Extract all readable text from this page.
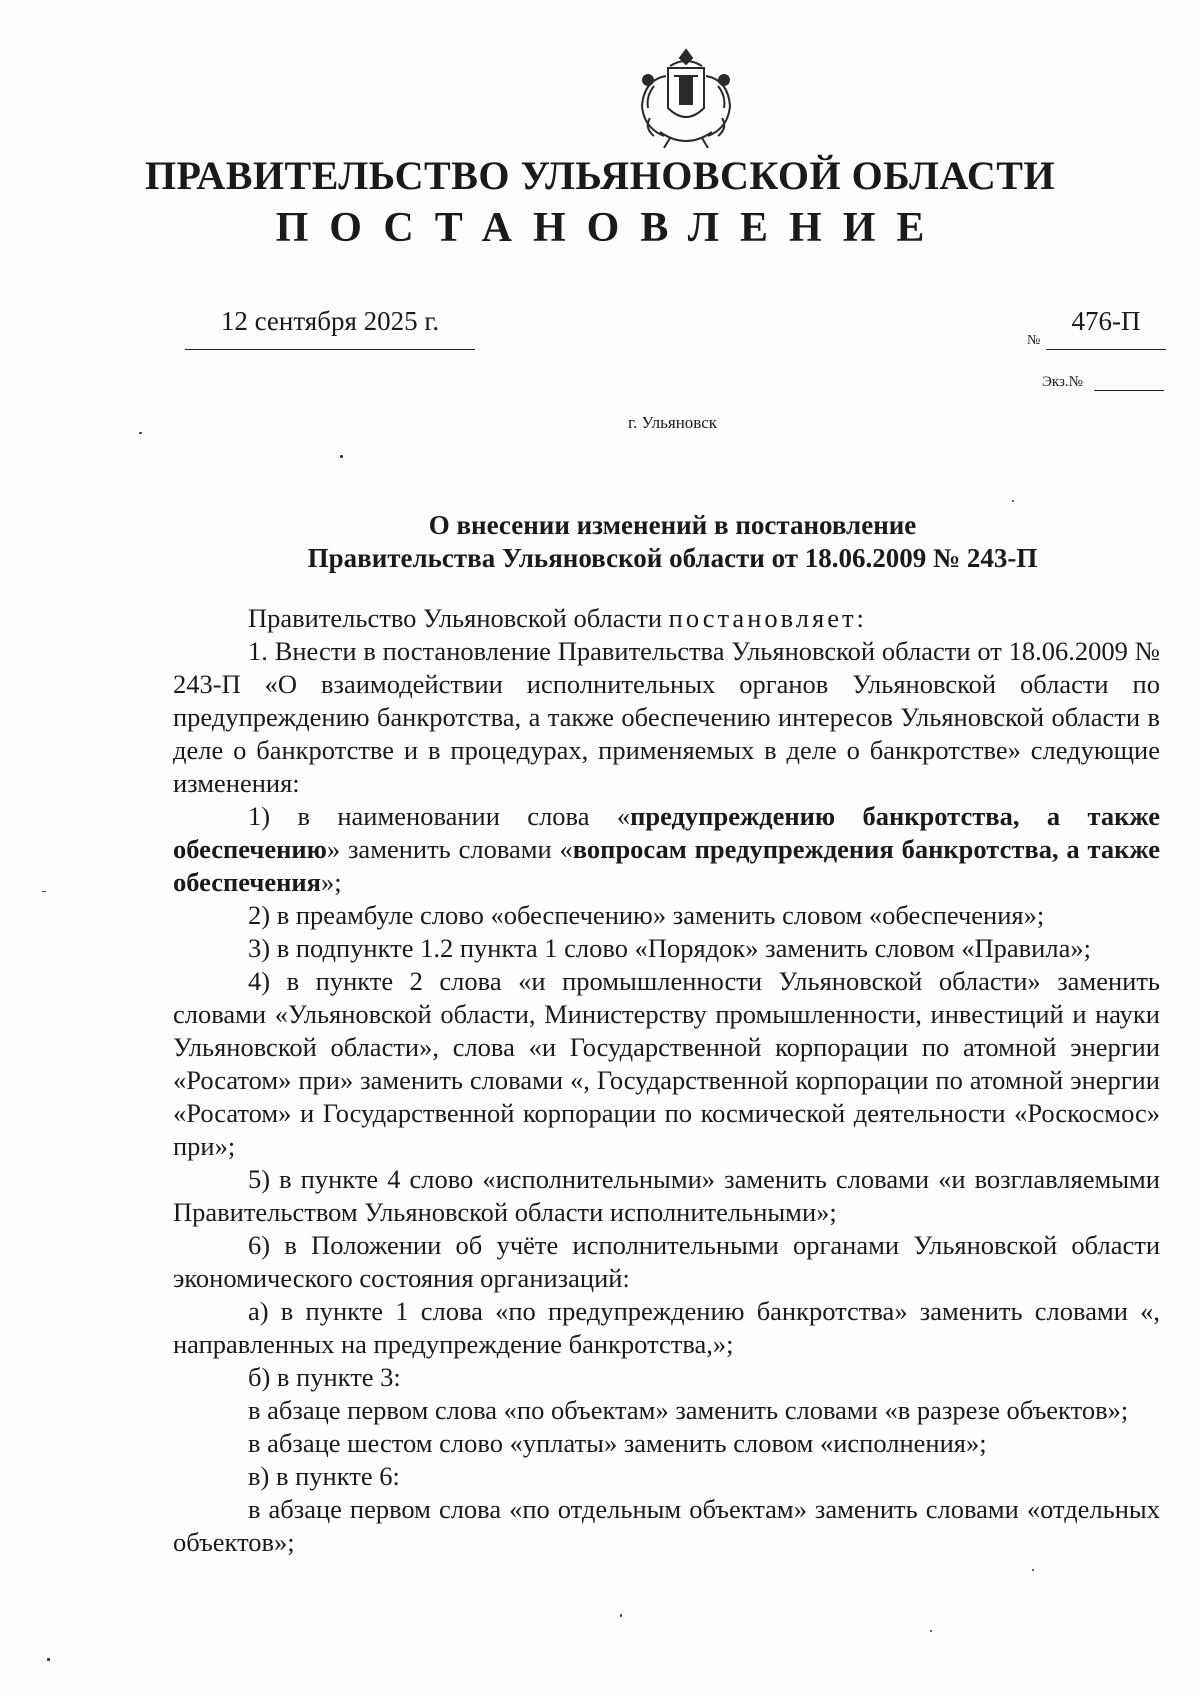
ПРАВИТЕЛЬСТВО УЛЬЯНОВСКОЙ ОБЛАСТИ
ПОСТАНОВЛЕНИЕ
12 сентября 2025 г.
№
476-П
Экз.№
г. Ульяновск
О внесении изменений в постановление
Правительства Ульяновской области от 18.06.2009 № 243-П

Правительство Ульяновской области постановляет:

1. Внести в постановление Правительства Ульяновской области от 18.06.2009 № 243-П «О взаимодействии исполнительных органов Ульяновской области по предупреждению банкротства, а также обеспечению интересов Ульяновской области в деле о банкротстве и в процедурах, применяемых в деле о банкротстве» следующие изменения:

1) в наименовании слова «предупреждению банкротства, а также обеспечению» заменить словами «вопросам предупреждения банкротства, а также обеспечения»;

2) в преамбуле слово «обеспечению» заменить словом «обеспечения»;

3) в подпункте 1.2 пункта 1 слово «Порядок» заменить словом «Правила»;

4) в пункте 2 слова «и промышленности Ульяновской области» заменить словами «Ульяновской области, Министерству промышленности, инвестиций и науки Ульяновской области», слова «и Государственной корпорации по атомной энергии «Росатом» при» заменить словами «, Государственной корпорации по атомной энергии «Росатом» и Государственной корпорации по космической деятельности «Роскосмос» при»;

5) в пункте 4 слово «исполнительными» заменить словами «и возглавляемыми Правительством Ульяновской области исполнительными»;

6) в Положении об учёте исполнительными органами Ульяновской области экономического состояния организаций:

а) в пункте 1 слова «по предупреждению банкротства» заменить словами «, направленных на предупреждение банкротства,»;

б) в пункте 3:

в абзаце первом слова «по объектам» заменить словами «в разрезе объектов»;

в абзаце шестом слово «уплаты» заменить словом «исполнения»;

в) в пункте 6:

в абзаце первом слова «по отдельным объектам» заменить словами «отдельных объектов»;
